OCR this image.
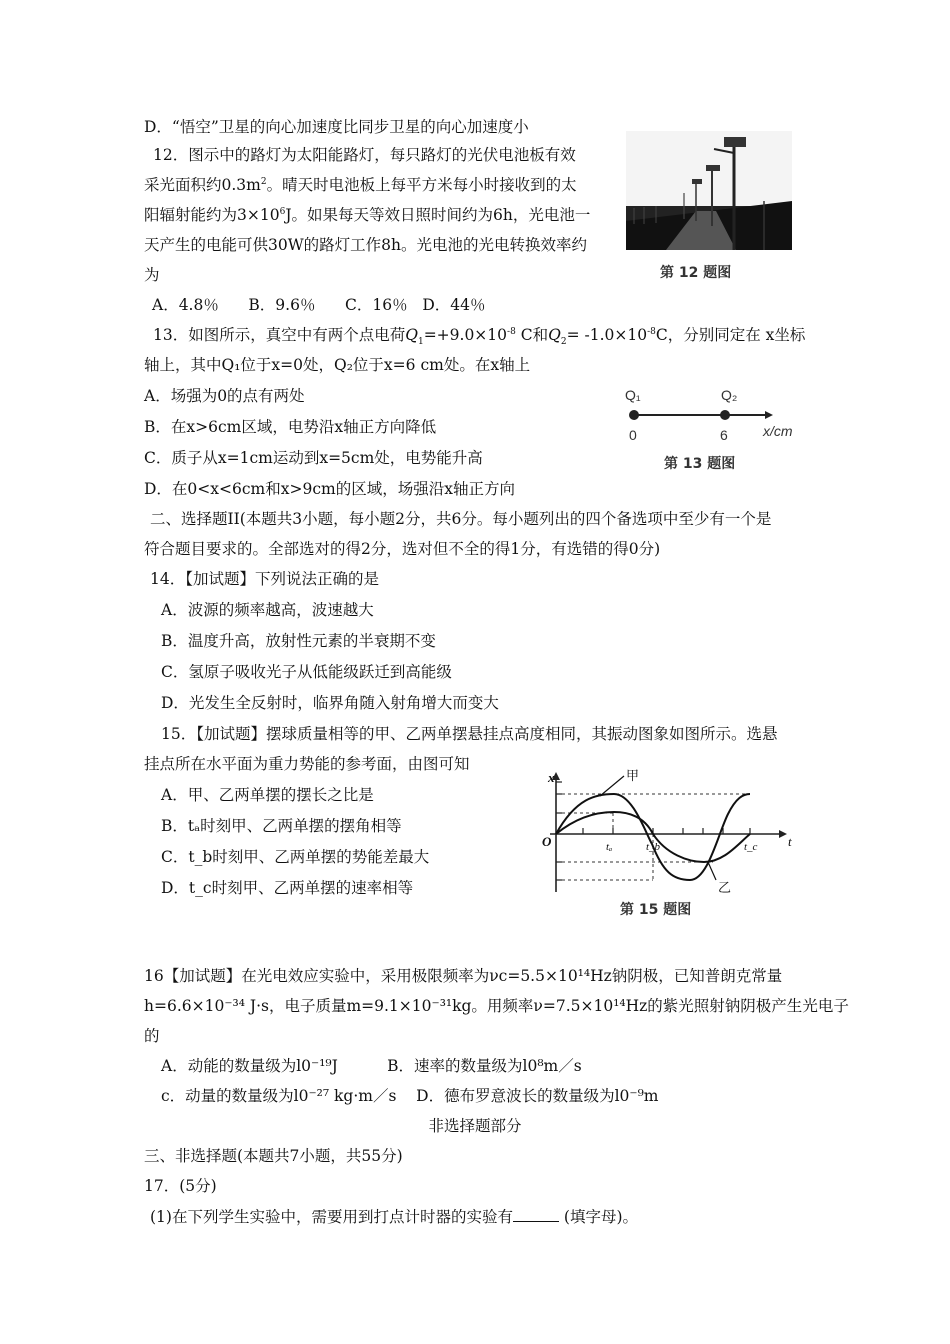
D．“悟空”卫星的向心加速度比同步卫星的向心加速度小
12．图示中的路灯为太阳能路灯，每只路灯的光伏电池板有效
采光面积约$0.3m^2$。晴天时电池板上每平方米每小时接收到的太
阳辐射能约为$3\times 10^6J$。如果每天等效日照时间约为6h，光电池一
天产生的电能可供30W的路灯工作8h。光电池的光电转换效率约
为
A．4.8％      B．9.6％      C．16％   D．44％
第 12 题图
13．如图所示，真空中有两个点电荷$Q_1=+9.0\times 10^{-8}$ C和$Q_2= -1.0\times 10^{-8}C$，分别同定在 x坐标
轴上，其中Q₁位于x=0处，Q₂位于x=6 cm处。在x轴上
A．场强为0的点有两处
B．在x>6cm区域，电势沿x轴正方向降低
C．质子从x=1cm运动到x=5cm处，电势能升高
D．在0<x<6cm和x>9cm的区域，场强沿x轴正方向
Q₁	Q₂
0	6	x/cm
第 13 题图
二、选择题II(本题共3小题，每小题2分，共6分。每小题列出的四个备选项中至少有一个是
符合题目要求的。全部选对的得2分，选对但不全的得1分，有选错的得0分)
14．【加试题】下列说法正确的是
A．波源的频率越高，波速越大
B．温度升高，放射性元素的半衰期不变
C．氢原子吸收光子从低能级跃迁到高能级
D．光发生全反射时，临界角随入射角增大而变大
15．【加试题】摆球质量相等的甲、乙两单摆悬挂点高度相同，其振动图象如图所示。选悬
挂点所在水平面为重力势能的参考面，由图可知
A．甲、乙两单摆的摆长之比是
B．tₐ时刻甲、乙两单摆的摆角相等
C．t_b时刻甲、乙两单摆的势能差最大
D．t_c时刻甲、乙两单摆的速率相等
x
t
O	tₐ	t_b	t_c
甲
乙
第 15 题图
16【加试题】在光电效应实验中，采用极限频率为νc=5.5×10¹⁴Hz钠阴极，已知普朗克常量
h=6.6×10⁻³⁴ J·s，电子质量m=9.1×10⁻³¹kg。用频率ν=7.5×10¹⁴Hz的紫光照射钠阴极产生光电子
的
A．动能的数量级为l0⁻¹⁹J          B．速率的数量级为l0⁸m／s
c．动量的数量级为l0⁻²⁷ kg·m／s    D．德布罗意波长的数量级为l0⁻⁹m
非选择题部分
三、非选择题(本题共7小题，共55分)
17．(5分)
(1)在下列学生实验中，需要用到打点计时器的实验有	(填字母)。
